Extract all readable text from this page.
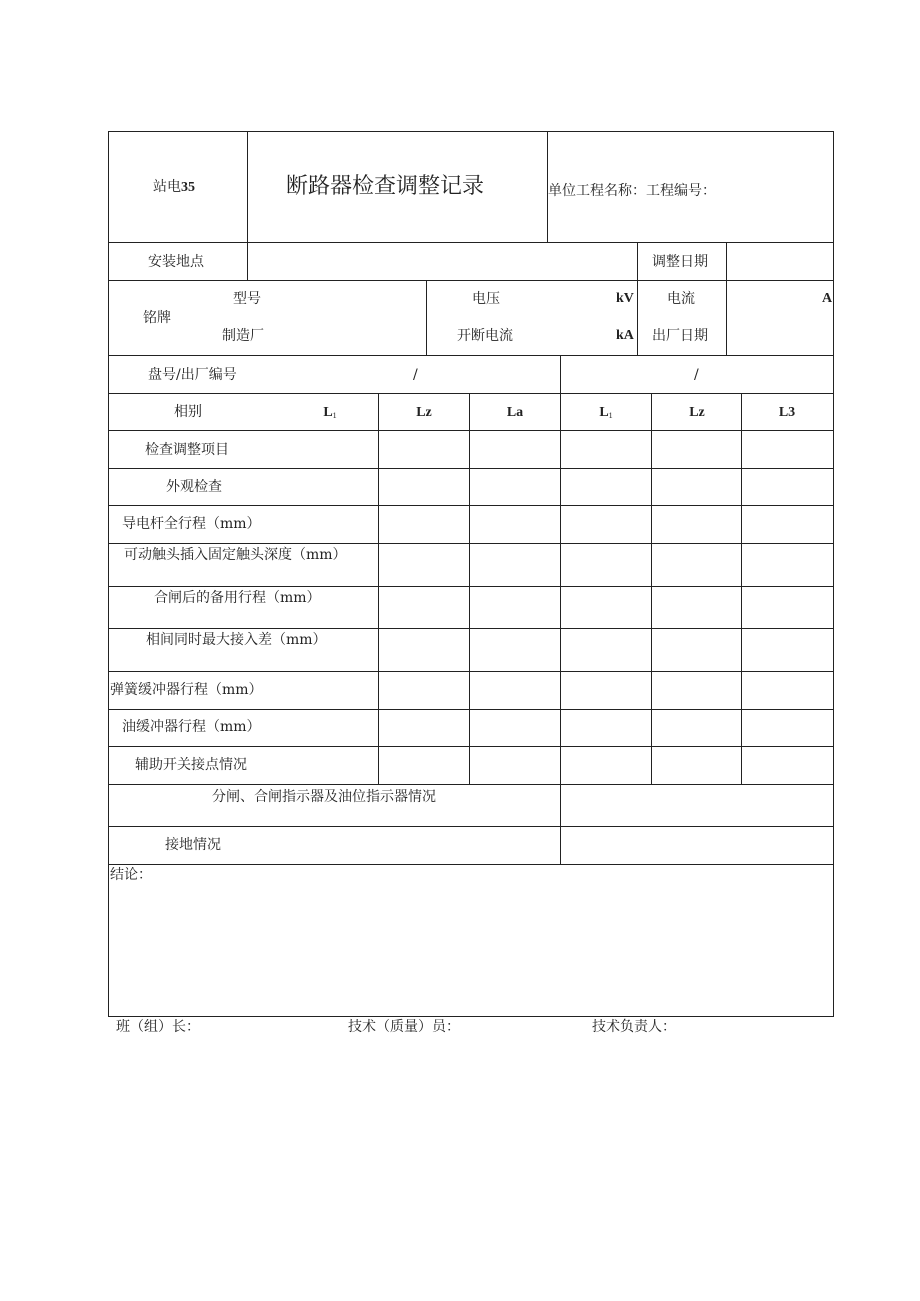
站电35	断路器检查调整记录	单位工程名称：工程编号：
安装地点	调整日期
铭牌
型号	电压	kV 电流	A
制造厂	开断电流	kA 出厂日期
盘号/出厂编号	/	/
相别	$L_1$	Lz	La	$L_1$	Lz	L3
检查调整项目
外观检查
导电杆全行程（mm）
可动触头插入固定触头深度（mm）
合闸后的备用行程（mm）
相间同时最大接入差（mm）
弹簧缓冲器行程（mm）
油缓冲器行程（mm）
辅助开关接点情况
分闸、合闸指示器及油位指示器情况
接地情况
结论：
班（组）长：	技术（质量）员：	技术负责人：
